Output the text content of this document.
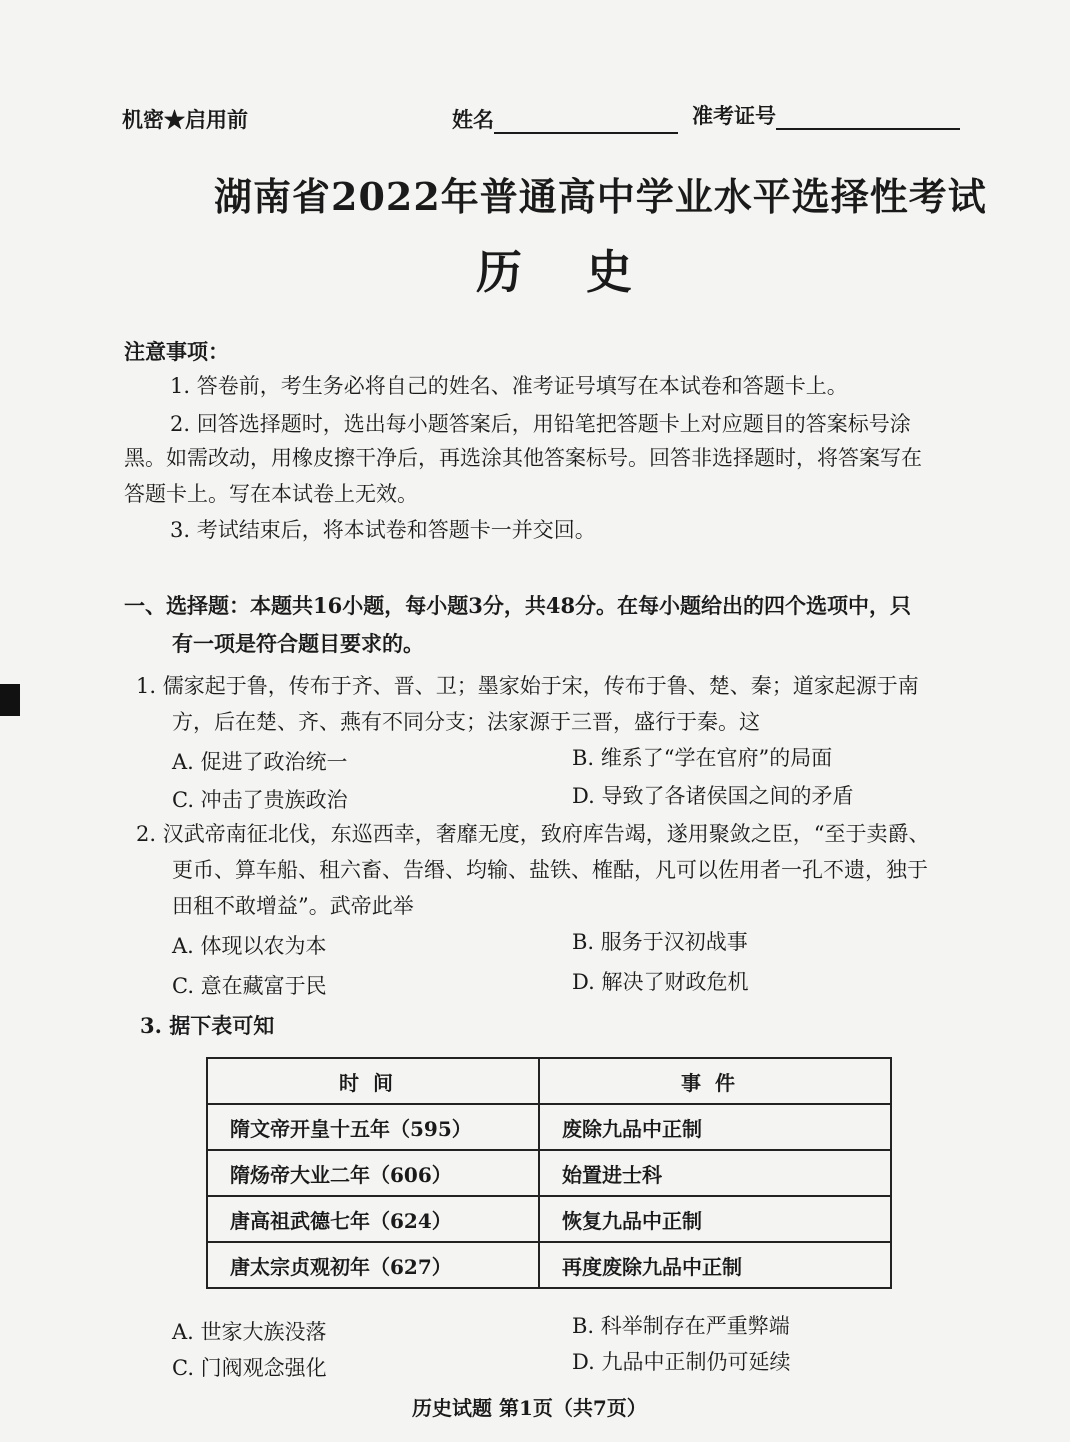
机密★启用前	姓名	准考证号
湖南省2022年普通高中学业水平选择性考试
历史
注意事项：
1. 答卷前，考生务必将自己的姓名、准考证号填写在本试卷和答题卡上。
2. 回答选择题时，选出每小题答案后，用铅笔把答题卡上对应题目的答案标号涂
黑。如需改动，用橡皮擦干净后，再选涂其他答案标号。回答非选择题时，将答案写在
答题卡上。写在本试卷上无效。
3. 考试结束后，将本试卷和答题卡一并交回。
一、选择题：本题共16小题，每小题3分，共48分。在每小题给出的四个选项中，只
有一项是符合题目要求的。
1. 儒家起于鲁，传布于齐、晋、卫；墨家始于宋，传布于鲁、楚、秦；道家起源于南
方，后在楚、齐、燕有不同分支；法家源于三晋，盛行于秦。这
A. 促进了政治统一	B. 维系了“学在官府”的局面
C. 冲击了贵族政治	D. 导致了各诸侯国之间的矛盾
2. 汉武帝南征北伐，东巡西幸，奢靡无度，致府库告竭，遂用聚敛之臣，“至于卖爵、
更币、算车船、租六畜、告缗、均输、盐铁、榷酤，凡可以佐用者一孔不遗，独于
田租不敢增益”。武帝此举
A. 体现以农为本	B. 服务于汉初战事
C. 意在藏富于民	D. 解决了财政危机
3. 据下表可知
时间	事件
隋文帝开皇十五年（595）	废除九品中正制
隋炀帝大业二年（606）	始置进士科
唐高祖武德七年（624）	恢复九品中正制
唐太宗贞观初年（627）	再度废除九品中正制
A. 世家大族没落	B. 科举制存在严重弊端
C. 门阀观念强化	D. 九品中正制仍可延续
历史试题 第1页（共7页）
